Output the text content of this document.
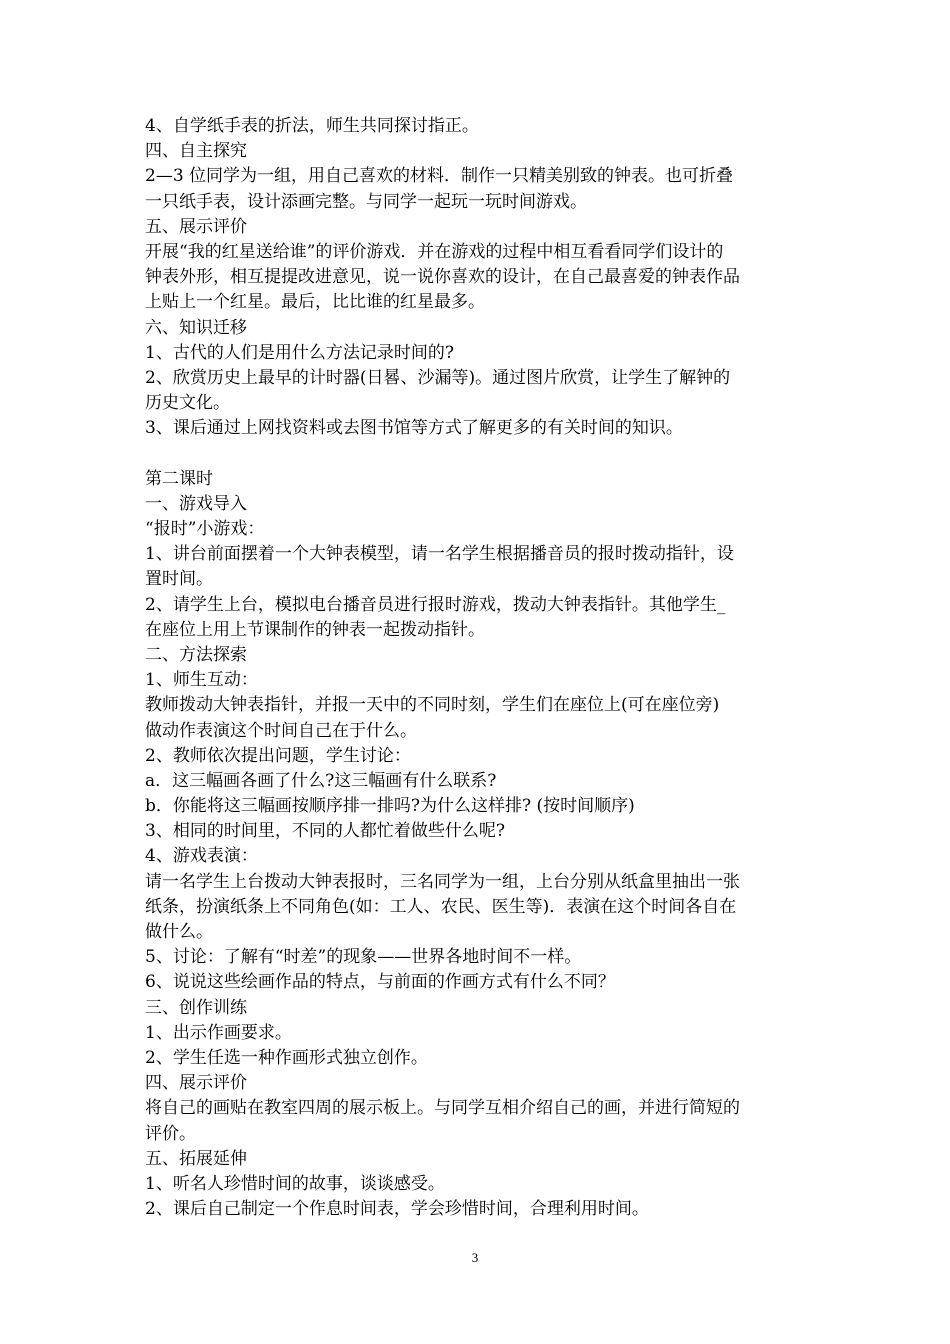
4、自学纸手表的折法，师生共同探讨指正。
四、自主探究
2—3 位同学为一组，用自己喜欢的材料．制作一只精美别致的钟表。也可折叠
一只纸手表，设计添画完整。与同学一起玩一玩时间游戏。
五、展示评价
开展“我的红星送给谁”的评价游戏．并在游戏的过程中相互看看同学们设计的
钟表外形，相互提提改进意见，说一说你喜欢的设计，在自己最喜爱的钟表作品
上贴上一个红星。最后，比比谁的红星最多。
六、知识迁移
1、古代的人们是用什么方法记录时间的?
2、欣赏历史上最早的计时器(日晷、沙漏等)。通过图片欣赏，让学生了解钟的
历史文化。
3、课后通过上网找资料或去图书馆等方式了解更多的有关时间的知识。
第二课时
一、游戏导入
“报时”小游戏：
1、讲台前面摆着一个大钟表模型，请一名学生根据播音员的报时拨动指针，设
置时间。
2、请学生上台，模拟电台播音员进行报时游戏，拨动大钟表指针。其他学生_
在座位上用上节课制作的钟表一起拨动指针。
二、方法探索
1、师生互动：
教师拨动大钟表指针，并报一天中的不同时刻，学生们在座位上(可在座位旁)
做动作表演这个时间自己在于什么。
2、教师依次提出问题，学生讨论：
a．这三幅画各画了什么?这三幅画有什么联系?
b．你能将这三幅画按顺序排一排吗?为什么这样排? (按时间顺序)
3、相同的时间里，不同的人都忙着做些什么呢?
4、游戏表演：
请一名学生上台拨动大钟表报时，三名同学为一组，上台分别从纸盒里抽出一张
纸条，扮演纸条上不同角色(如：工人、农民、医生等)．表演在这个时间各自在
做什么。
5、讨论：了解有“时差”的现象——世界各地时间不一样。
6、说说这些绘画作品的特点，与前面的作画方式有什么不同？
三、创作训练
1、出示作画要求。
2、学生任选一种作画形式独立创作。
四、展示评价
将自己的画贴在教室四周的展示板上。与同学互相介绍自己的画，并进行简短的
评价。
五、拓展延伸
1、听名人珍惜时间的故事，谈谈感受。
2、课后自己制定一个作息时间表，学会珍惜时间，合理利用时间。
3
